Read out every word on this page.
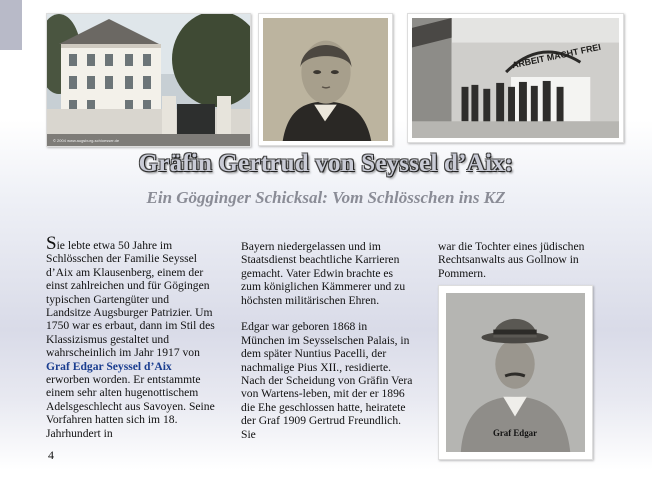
© 2004 www.augsburg-schloesser.de
ARBEIT MACHT FREI
Gräfin Gertrud von Seyssel d’Aix:
Ein Gögginger Schicksal: Vom Schlösschen ins KZ
Sie lebte etwa 50 Jahre im Schlösschen der Familie Seyssel d’Aix am Klausenberg, einem der einst zahlreichen und für Gögingen typischen Gartengüter und Landsitze Augsburger Patrizier. Um 1750 war es erbaut, dann im Stil des Klassizismus gestaltet und wahrscheinlich im Jahr 1917 von Graf Edgar Seyssel d’Aix erworben worden. Er entstammte einem sehr alten hugenottischem Adelsgeschlecht aus Savoyen. Seine Vorfahren hatten sich im 18. Jahrhundert in
Bayern niedergelassen und im Staatsdienst beachtliche Karrieren gemacht. Vater Edwin brachte es zum königlichen Kämmerer und zu höchsten militärischen Ehren.

Edgar war geboren 1868 in München im Seysselschen Palais, in dem später Nuntius Pacelli, der nachmalige Pius XII., residierte. Nach der Scheidung von Gräfin Vera von Wartens-leben, mit der er 1896 die Ehe geschlossen hatte, heiratete der Graf 1909 Gertrud Freundlich. Sie
war die Tochter eines jüdischen Rechtsanwalts aus Gollnow in Pommern.
Graf Edgar
4
